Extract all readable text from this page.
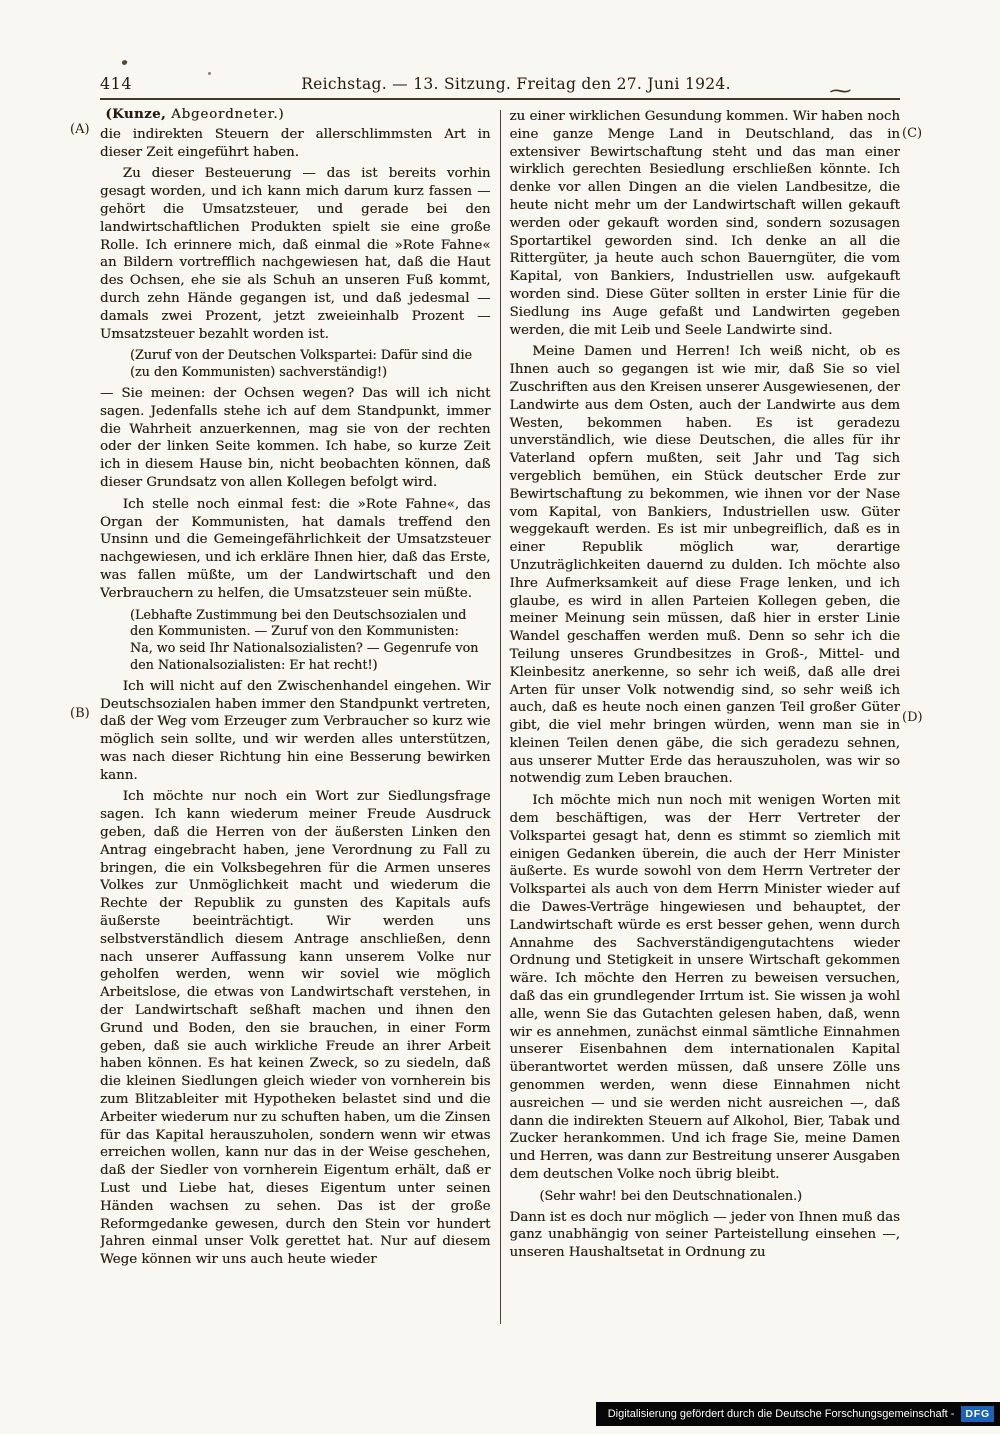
~
414	Reichstag. — 13. Sitzung. Freitag den 27. Juni 1924.
(A)
(B)
(C)
(D)

(Kunze, Abgeordneter.)

die indirekten Steuern der allerschlimmsten Art in dieser Zeit eingeführt haben.

Zu dieser Besteuerung — das ist bereits vorhin gesagt worden, und ich kann mich darum kurz fassen — gehört die Umsatzsteuer, und gerade bei den landwirtschaftlichen Produkten spielt sie eine große Rolle. Ich erinnere mich, daß einmal die »Rote Fahne« an Bildern vortrefflich nachgewiesen hat, daß die Haut des Ochsen, ehe sie als Schuh an unseren Fuß kommt, durch zehn Hände gegangen ist, und daß jedesmal — damals zwei Prozent, jetzt zweieinhalb Prozent — Umsatzsteuer bezahlt worden ist.

(Zuruf von der Deutschen Volkspartei: Dafür sind die (zu den Kommunisten) sachverständig!)

— Sie meinen: der Ochsen wegen? Das will ich nicht sagen. Jedenfalls stehe ich auf dem Standpunkt, immer die Wahrheit anzuerkennen, mag sie von der rechten oder der linken Seite kommen. Ich habe, so kurze Zeit ich in diesem Hause bin, nicht beobachten können, daß dieser Grundsatz von allen Kollegen befolgt wird.

Ich stelle noch einmal fest: die »Rote Fahne«, das Organ der Kommunisten, hat damals treffend den Unsinn und die Gemeingefährlichkeit der Umsatzsteuer nachgewiesen, und ich erkläre Ihnen hier, daß das Erste, was fallen müßte, um der Landwirtschaft und den Verbrauchern zu helfen, die Umsatzsteuer sein müßte.

(Lebhafte Zustimmung bei den Deutschsozialen und den Kommunisten. — Zuruf von den Kommunisten: Na, wo seid Ihr Nationalsozialisten? — Gegenrufe von den Nationalsozialisten: Er hat recht!)

Ich will nicht auf den Zwischenhandel eingehen. Wir Deutschsozialen haben immer den Standpunkt vertreten, daß der Weg vom Erzeuger zum Verbraucher so kurz wie möglich sein sollte, und wir werden alles unterstützen, was nach dieser Richtung hin eine Besserung bewirken kann.

Ich möchte nur noch ein Wort zur Siedlungsfrage sagen. Ich kann wiederum meiner Freude Ausdruck geben, daß die Herren von der äußersten Linken den Antrag eingebracht haben, jene Verordnung zu Fall zu bringen, die ein Volksbegehren für die Armen unseres Volkes zur Unmöglichkeit macht und wiederum die Rechte der Republik zu gunsten des Kapitals aufs äußerste beeinträchtigt. Wir werden uns selbstverständlich diesem Antrage anschließen, denn nach unserer Auffassung kann unserem Volke nur geholfen werden, wenn wir soviel wie möglich Arbeitslose, die etwas von Landwirtschaft verstehen, in der Landwirtschaft seßhaft machen und ihnen den Grund und Boden, den sie brauchen, in einer Form geben, daß sie auch wirkliche Freude an ihrer Arbeit haben können. Es hat keinen Zweck, so zu siedeln, daß die kleinen Siedlungen gleich wieder von vornherein bis zum Blitzableiter mit Hypotheken belastet sind und die Arbeiter wiederum nur zu schuften haben, um die Zinsen für das Kapital herauszuholen, sondern wenn wir etwas erreichen wollen, kann nur das in der Weise geschehen, daß der Siedler von vornherein Eigentum erhält, daß er Lust und Liebe hat, dieses Eigentum unter seinen Händen wachsen zu sehen. Das ist der große Reformgedanke gewesen, durch den Stein vor hundert Jahren einmal unser Volk gerettet hat. Nur auf diesem Wege können wir uns auch heute wieder

zu einer wirklichen Gesundung kommen. Wir haben noch eine ganze Menge Land in Deutschland, das in extensiver Bewirtschaftung steht und das man einer wirklich gerechten Besiedlung erschließen könnte. Ich denke vor allen Dingen an die vielen Landbesitze, die heute nicht mehr um der Landwirtschaft willen gekauft werden oder gekauft worden sind, sondern sozusagen Sportartikel geworden sind. Ich denke an all die Rittergüter, ja heute auch schon Bauerngüter, die vom Kapital, von Bankiers, Industriellen usw. aufgekauft worden sind. Diese Güter sollten in erster Linie für die Siedlung ins Auge gefaßt und Landwirten gegeben werden, die mit Leib und Seele Landwirte sind.

Meine Damen und Herren! Ich weiß nicht, ob es Ihnen auch so gegangen ist wie mir, daß Sie so viel Zuschriften aus den Kreisen unserer Ausgewiesenen, der Landwirte aus dem Osten, auch der Landwirte aus dem Westen, bekommen haben. Es ist geradezu unverständlich, wie diese Deutschen, die alles für ihr Vaterland opfern mußten, seit Jahr und Tag sich vergeblich bemühen, ein Stück deutscher Erde zur Bewirtschaftung zu bekommen, wie ihnen vor der Nase vom Kapital, von Bankiers, Industriellen usw. Güter weggekauft werden. Es ist mir unbegreiflich, daß es in einer Republik möglich war, derartige Unzuträglichkeiten dauernd zu dulden. Ich möchte also Ihre Aufmerksamkeit auf diese Frage lenken, und ich glaube, es wird in allen Parteien Kollegen geben, die meiner Meinung sein müssen, daß hier in erster Linie Wandel geschaffen werden muß. Denn so sehr ich die Teilung unseres Grundbesitzes in Groß-, Mittel- und Kleinbesitz anerkenne, so sehr ich weiß, daß alle drei Arten für unser Volk notwendig sind, so sehr weiß ich auch, daß es heute noch einen ganzen Teil großer Güter gibt, die viel mehr bringen würden, wenn man sie in kleinen Teilen denen gäbe, die sich geradezu sehnen, aus unserer Mutter Erde das herauszuholen, was wir so notwendig zum Leben brauchen.

Ich möchte mich nun noch mit wenigen Worten mit dem beschäftigen, was der Herr Vertreter der Volkspartei gesagt hat, denn es stimmt so ziemlich mit einigen Gedanken überein, die auch der Herr Minister äußerte. Es wurde sowohl von dem Herrn Vertreter der Volkspartei als auch von dem Herrn Minister wieder auf die Dawes-Verträge hingewiesen und behauptet, der Landwirtschaft würde es erst besser gehen, wenn durch Annahme des Sachverständigengutachtens wieder Ordnung und Stetigkeit in unsere Wirtschaft gekommen wäre. Ich möchte den Herren zu beweisen versuchen, daß das ein grundlegender Irrtum ist. Sie wissen ja wohl alle, wenn Sie das Gutachten gelesen haben, daß, wenn wir es annehmen, zunächst einmal sämtliche Einnahmen unserer Eisenbahnen dem internationalen Kapital überantwortet werden müssen, daß unsere Zölle uns genommen werden, wenn diese Einnahmen nicht ausreichen — und sie werden nicht ausreichen —, daß dann die indirekten Steuern auf Alkohol, Bier, Tabak und Zucker herankommen. Und ich frage Sie, meine Damen und Herren, was dann zur Bestreitung unserer Ausgaben dem deutschen Volke noch übrig bleibt.

(Sehr wahr! bei den Deutschnationalen.)

Dann ist es doch nur möglich — jeder von Ihnen muß das ganz unabhängig von seiner Parteistellung einsehen —, unseren Haushaltsetat in Ordnung zu

Digitalisierung gefördert durch die Deutsche Forschungsgemeinschaft -	DFG
